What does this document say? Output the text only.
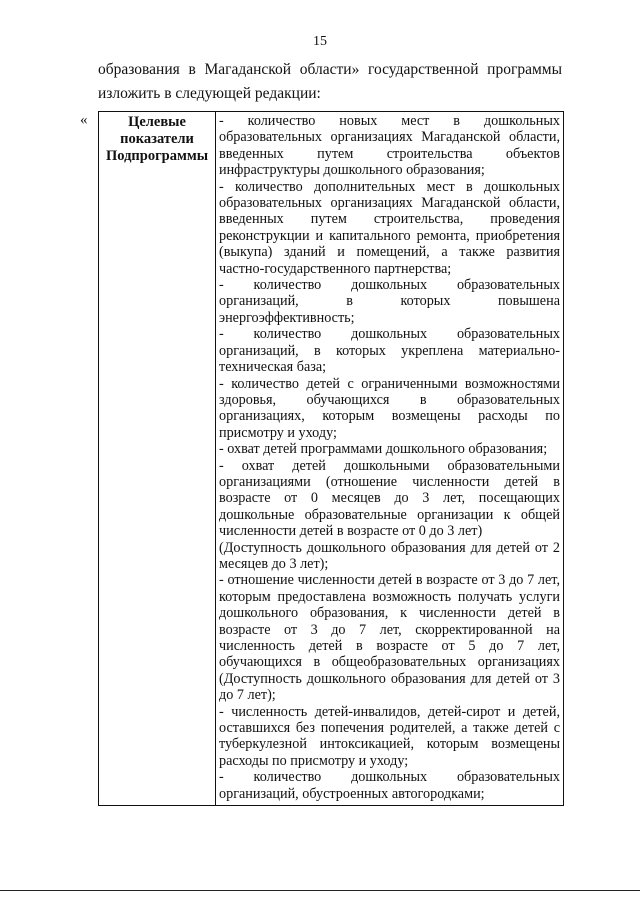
15
образования в Магаданской области» государственной программы
изложить в следующей редакции:
«	Целевые показатели Подпрограммы	
- количество новых мест в дошкольных образовательных организациях Магаданской области, введенных путем строительства объектов инфраструктуры дошкольного образования;
- количество дополнительных мест в дошкольных образовательных организациях Магаданской области, введенных путем строительства, проведения реконструкции и капитального ремонта, приобретения (выкупа) зданий и помещений, а также развития частно-государственного партнерства;
- количество дошкольных образовательных организаций, в которых повышена энергоэффективность;
- количество дошкольных образовательных организаций, в которых укреплена материально-техническая база;
- количество детей с ограниченными возможностями здоровья, обучающихся в образовательных организациях, которым возмещены расходы по присмотру и уходу;
- охват детей программами дошкольного образования;
- охват детей дошкольными образовательными организациями (отношение численности детей в возрасте от 0 месяцев до 3 лет, посещающих дошкольные образовательные организации к общей численности детей в возрасте от 0 до 3 лет)
(Доступность дошкольного образования для детей от 2 месяцев до 3 лет);
- отношение численности детей в возрасте от 3 до 7 лет, которым предоставлена возможность получать услуги дошкольного образования, к численности детей в возрасте от 3 до 7 лет, скорректированной на численность детей в возрасте от 5 до 7 лет, обучающихся в общеобразовательных организациях (Доступность дошкольного образования для детей от 3 до 7 лет);
- численность детей-инвалидов, детей-сирот и детей, оставшихся без попечения родителей, а также детей с туберкулезной интоксикацией, которым возмещены расходы по присмотру и уходу;
- количество дошкольных образовательных организаций, обустроенных автогородками;
